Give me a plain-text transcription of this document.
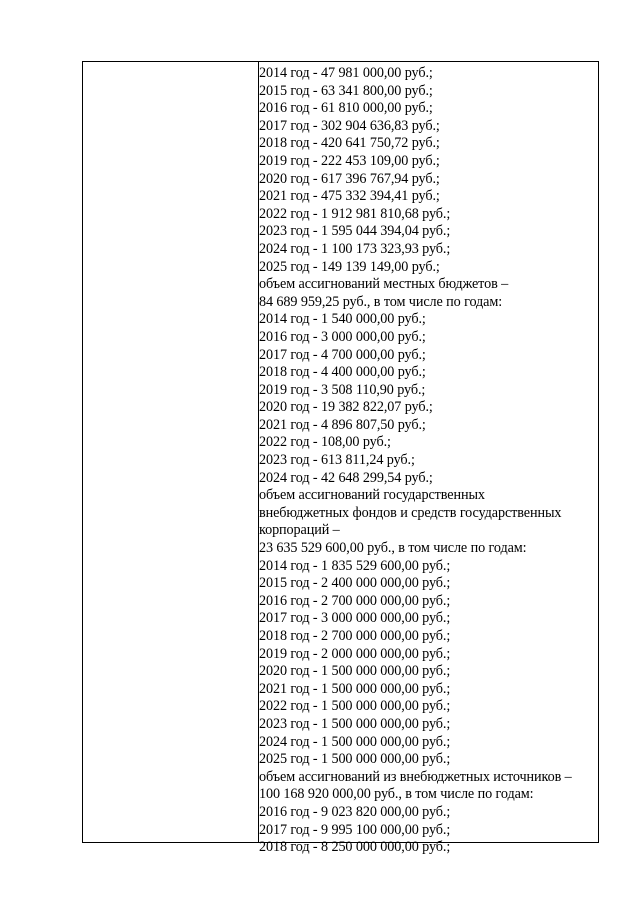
2014 год - 47 981 000,00 руб.;
2015 год - 63 341 800,00 руб.;
2016 год - 61 810 000,00 руб.;
2017 год - 302 904 636,83 руб.;
2018 год - 420 641 750,72 руб.;
2019 год - 222 453 109,00 руб.;
2020 год - 617 396 767,94 руб.;
2021 год - 475 332 394,41 руб.;
2022 год - 1 912 981 810,68 руб.;
2023 год - 1 595 044 394,04 руб.;
2024 год - 1 100 173 323,93 руб.;
2025 год - 149 139 149,00 руб.;
объем ассигнований местных бюджетов –
84 689 959,25 руб., в том числе по годам:
2014 год - 1 540 000,00 руб.;
2016 год - 3 000 000,00 руб.;
2017 год - 4 700 000,00 руб.;
2018 год - 4 400 000,00 руб.;
2019 год - 3 508 110,90 руб.;
2020 год - 19 382 822,07 руб.;
2021 год - 4 896 807,50 руб.;
2022 год - 108,00 руб.;
2023 год - 613 811,24 руб.;
2024 год - 42 648 299,54 руб.;
объем ассигнований государственных
внебюджетных фондов и средств государственных
корпораций –
23 635 529 600,00 руб., в том числе по годам:
2014 год - 1 835 529 600,00 руб.;
2015 год - 2 400 000 000,00 руб.;
2016 год - 2 700 000 000,00 руб.;
2017 год - 3 000 000 000,00 руб.;
2018 год - 2 700 000 000,00 руб.;
2019 год - 2 000 000 000,00 руб.;
2020 год - 1 500 000 000,00 руб.;
2021 год - 1 500 000 000,00 руб.;
2022 год - 1 500 000 000,00 руб.;
2023 год - 1 500 000 000,00 руб.;
2024 год - 1 500 000 000,00 руб.;
2025 год - 1 500 000 000,00 руб.;
объем ассигнований из внебюджетных источников –
100 168 920 000,00 руб., в том числе по годам:
2016 год - 9 023 820 000,00 руб.;
2017 год - 9 995 100 000,00 руб.;
2018 год - 8 250 000 000,00 руб.;
